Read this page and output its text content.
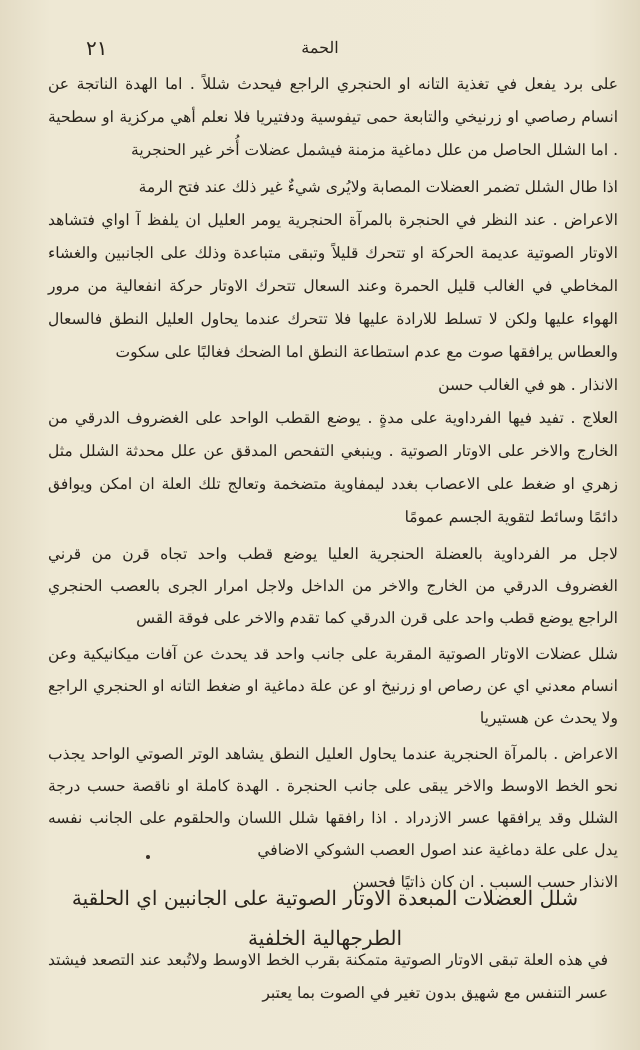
٢١	الحمة

على برد يفعل في تغذية التانه او الحنجري الراجع فيحدث شللاً . اما الهدة الناتجة عن انسام رصاصي او زرنيخي والتابعة حمى تيفوسية ودفتيريا فلا نعلم أهي مركزية او سطحية . اما الشلل الحاصل من علل دماغية مزمنة فيشمل عضلات أُخر غير الحنجرية

اذا طال الشلل تضمر العضلات المصابة ولايُرى شيءٌ غير ذلك عند فتح الرمة

الاعراض . عند النظر في الحنجرة بالمرآة الحنجرية يومر العليل ان يلفظ آ اواي فتشاهد الاوتار الصوتية عديمة الحركة او تتحرك قليلاً وتبقى متباعدة وذلك على الجانبين والغشاء المخاطي في الغالب قليل الحمرة وعند السعال تتحرك الاوتار حركة انفعالية من مرور الهواء عليها ولكن لا تسلط للارادة عليها فلا تتحرك عندما يحاول العليل النطق فالسعال والعطاس يرافقها صوت مع عدم استطاعة النطق اما الضحك فغالبًا على سكوت

الانذار . هو في الغالب حسن

العلاج . تفيد فيها الفرداوية على مدةٍ . يوضع القطب الواحد على الغضروف الدرقي من الخارج والاخر على الاوتار الصوتية . وينبغي التفحص المدقق عن علل محدثة الشلل مثل زهري او ضغط على الاعصاب بغدد ليمفاوية متضخمة وتعالج تلك العلة ان امكن ويوافق دائمًا وسائط لتقوية الجسم عمومًا

لاجل مر الفرداوية بالعضلة الحنجرية العليا يوضع قطب واحد تجاه قرن من قرني الغضروف الدرقي من الخارج والاخر من الداخل ولاجل امرار الجرى بالعصب الحنجري الراجع يوضع قطب واحد على قرن الدرقي كما تقدم والاخر على فوقة القس

شلل عضلات الاوتار الصوتية المقربة على جانب واحد قد يحدث عن آفات ميكانيكية وعن انسام معدني اي عن رصاص او زرنيخ او عن علة دماغية او ضغط التانه او الحنجري الراجع ولا يحدث عن هستيريا

الاعراض . بالمرآة الحنجرية عندما يحاول العليل النطق يشاهد الوتر الصوتي الواحد يجذب نحو الخط الاوسط والاخر يبقى على جانب الحنجرة . الهدة كاملة او ناقصة حسب درجة الشلل وقد يرافقها عسر الازدراد . اذا رافقها شلل اللسان والحلقوم على الجانب نفسه يدل على علة دماغية عند اصول العصب الشوكي الاضافي

الانذار حسب السبب . ان كان ذاتيًا فحسن

شلل العضلات المبعدة الاوتار الصوتية على الجانبين اي الحلقية الطرجهالية الخلفية

في هذه العلة تبقى الاوتار الصوتية متمكنة بقرب الخط الاوسط ولاتُبعد عند التصعد فيشتد عسر التنفس مع شهيق بدون تغير في الصوت بما يعتبر
